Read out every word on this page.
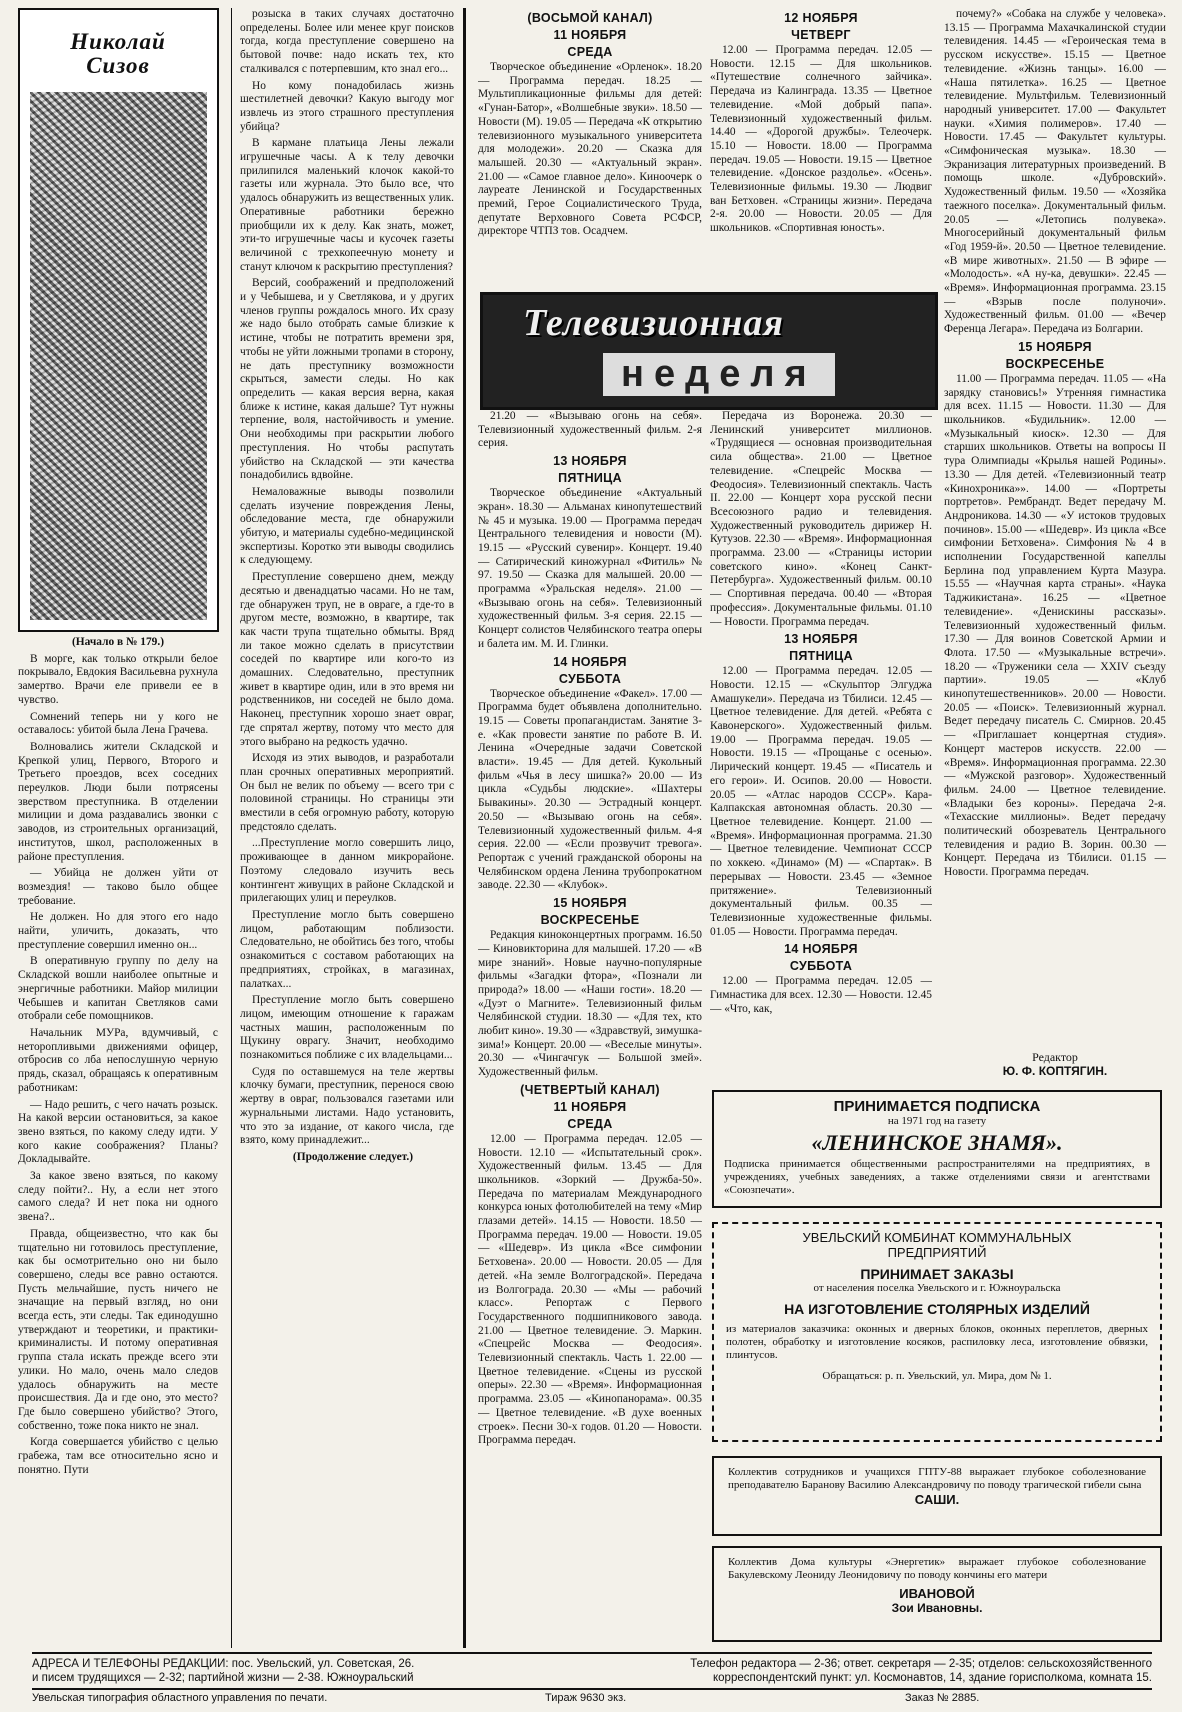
Николай Сизов

(Начало в № 179.)

В морге, как только открыли белое покрывало, Евдокия Васильевна рухнула замертво. Врачи еле привели ее в чувство.

Сомнений теперь ни у кого не оставалось: убитой была Лена Грачева.

Волновались жители Складской и Крепкой улиц, Первого, Второго и Третьего проездов, всех соседних переулков. Люди были потрясены зверством преступника. В отделении милиции и дома раздавались звонки с заводов, из строительных организаций, институтов, школ, расположенных в районе преступления.

— Убийца не должен уйти от возмездия! — таково было общее требование.

Не должен. Но для этого его надо найти, уличить, доказать, что преступление совершил именно он...

В оперативную группу по делу на Складской вошли наиболее опытные и энергичные работники. Майор милиции Чебышев и капитан Светляков сами отобрали себе помощников.

Начальник МУРа, вдумчивый, с неторопливыми движениями офицер, отбросив со лба непослушную черную прядь, сказал, обращаясь к оперативным работникам:

— Надо решить, с чего начать розыск. На какой версии остановиться, за какое звено взяться, по какому следу идти. У кого какие соображения? Планы? Докладывайте.

За какое звено взяться, по какому следу пойти?.. Ну, а если нет этого самого следа? И нет пока ни одного звена?..

Правда, общеизвестно, что как бы тщательно ни готовилось преступление, как бы осмотрительно оно ни было совершено, следы все равно остаются. Пусть мельчайшие, пусть ничего не значащие на первый взгляд, но они всегда есть, эти следы. Так единодушно утверждают и теоретики, и практики-криминалисты. И потому оперативная группа стала искать прежде всего эти улики. Но мало, очень мало следов удалось обнаружить на месте происшествия. Да и где оно, это место? Где было совершено убийство? Этого, собственно, тоже пока никто не знал.

Когда совершается убийство с целью грабежа, там все относительно ясно и понятно. Пути

розыска в таких случаях достаточно определены. Более или менее круг поисков тогда, когда преступление совершено на бытовой почве: надо искать тех, кто сталкивался с потерпевшим, кто знал его...

Но кому понадобилась жизнь шестилетней девочки? Какую выгоду мог извлечь из этого страшного преступления убийца?

В кармане платьица Лены лежали игрушечные часы. А к телу девочки прилипился маленький клочок какой-то газеты или журнала. Это было все, что удалось обнаружить из вещественных улик. Оперативные работники бережно приобщили их к делу. Как знать, может, эти-то игрушечные часы и кусочек газеты величиной с трехкопеечную монету и станут ключом к раскрытию преступления?

Версий, соображений и предположений и у Чебышева, и у Светлякова, и у других членов группы рождалось много. Их сразу же надо было отобрать самые близкие к истине, чтобы не потратить времени зря, чтобы не уйти ложными тропами в сторону, не дать преступнику возможности скрыться, замести следы. Но как определить — какая версия верна, какая ближе к истине, какая дальше? Тут нужны терпение, воля, настойчивость и умение. Они необходимы при раскрытии любого преступления. Но чтобы распутать убийство на Складской — эти качества понадобились вдвойне.

Немаловажные выводы позволили сделать изучение повреждения Лены, обследование места, где обнаружили убитую, и материалы судебно-медицинской экспертизы. Коротко эти выводы сводились к следующему.

Преступление совершено днем, между десятью и двенадцатью часами. Но не там, где обнаружен труп, не в овраге, а где-то в другом месте, возможно, в квартире, так как части трупа тщательно обмыты. Вряд ли такое можно сделать в присутствии соседей по квартире или кого-то из домашних. Следовательно, преступник живет в квартире один, или в это время ни родственников, ни соседей не было дома. Наконец, преступник хорошо знает овраг, где спрятал жертву, потому что место для этого выбрано на редкость удачно.

Исходя из этих выводов, и разработали план срочных оперативных мероприятий. Он был не велик по объему — всего три с половиной страницы. Но страницы эти вместили в себя огромную работу, которую предстояло сделать.

...Преступление могло совершить лицо, проживающее в данном микрорайоне. Поэтому следовало изучить весь контингент живущих в районе Складской и прилегающих улиц и переулков.

Преступление могло быть совершено лицом, работающим поблизости. Следовательно, не обойтись без того, чтобы ознакомиться с составом работающих на предприятиях, стройках, в магазинах, палатках...

Преступление могло быть совершено лицом, имеющим отношение к гаражам частных машин, расположенным по Щукину оврагу. Значит, необходимо познакомиться поближе с их владельцами...

Судя по оставшемуся на теле жертвы клочку бумаги, преступник, перенося свою жертву в овраг, пользовался газетами или журнальными листами. Надо установить, что это за издание, от какого числа, где взято, кому принадлежит...

(Продолжение следует.)

(ВОСЬМОЙ КАНАЛ)
11 НОЯБРЯ
СРЕДА

Творческое объединение «Орленок». 18.20 — Программа передач. 18.25 — Мультипликационные фильмы для детей: «Гунан-Батор», «Волшебные звуки». 18.50 — Новости (М). 19.05 — Передача «К открытию телевизионного музыкального университета для молодежи». 20.20 — Сказка для малышей. 20.30 — «Актуальный экран». 21.00 — «Самое главное дело». Киноочерк о лауреате Ленинской и Государственных премий, Герое Социалистического Труда, депутате Верховного Совета РСФСР, директоре ЧТПЗ тов. Осадчем.

12 НОЯБРЯ
ЧЕТВЕРГ

12.00 — Программа передач. 12.05 — Новости. 12.15 — Для школьников. «Путешествие солнечного зайчика». Передача из Калинграда. 13.35 — Цветное телевидение. «Мой добрый папа». Телевизионный художественный фильм. 14.40 — «Дорогой дружбы». Телеочерк. 15.10 — Новости. 18.00 — Программа передач. 19.05 — Новости. 19.15 — Цветное телевидение. «Донское раздолье». «Осень». Телевизионные фильмы. 19.30 — Людвиг ван Бетховен. «Страницы жизни». Передача 2-я. 20.00 — Новости. 20.05 — Для школьников. «Спортивная юность».

Телевизионная
неделя

21.20 — «Вызываю огонь на себя». Телевизионный художественный фильм. 2-я серия.

13 НОЯБРЯ
ПЯТНИЦА

Творческое объединение «Актуальный экран». 18.30 — Альманах кинопутешествий № 45 и музыка. 19.00 — Программа передач Центрального телевидения и новости (М). 19.15 — «Русский сувенир». Концерт. 19.40 — Сатирический киножурнал «Фитиль» № 97. 19.50 — Сказка для малышей. 20.00 — программа «Уральская неделя». 21.00 — «Вызываю огонь на себя». Телевизионный художественный фильм. 3-я серия. 22.15 — Концерт солистов Челябинского театра оперы и балета им. М. И. Глинки.

14 НОЯБРЯ
СУББОТА

Творческое объединение «Факел». 17.00 — Программа будет объявлена дополнительно. 19.15 — Советы пропагандистам. Занятие 3-е. «Как провести занятие по работе В. И. Ленина «Очередные задачи Советской власти». 19.45 — Для детей. Кукольный фильм «Чья в лесу шишка?» 20.00 — Из цикла «Судьбы людские». «Шахтеры Бывакины». 20.30 — Эстрадный концерт. 20.50 — «Вызываю огонь на себя». Телевизионный художественный фильм. 4-я серия. 22.00 — «Если прозвучит тревога». Репортаж с учений гражданской обороны на Челябинском ордена Ленина трубопрокатном заводе. 22.30 — «Клубок».

15 НОЯБРЯ
ВОСКРЕСЕНЬЕ

Редакция киноконцертных программ. 16.50 — Киновикторина для малышей. 17.20 — «В мире знаний». Новые научно-популярные фильмы «Загадки фтора», «Познали ли природа?» 18.00 — «Наши гости». 18.20 — «Дуэт о Магните». Телевизионный фильм Челябинской студии. 18.30 — «Для тех, кто любит кино». 19.30 — «Здравствуй, зимушка-зима!» Концерт. 20.00 — «Веселые минуты». 20.30 — «Чингачгук — Большой змей». Художественный фильм.

(ЧЕТВЕРТЫЙ КАНАЛ)
11 НОЯБРЯ
СРЕДА

12.00 — Программа передач. 12.05 — Новости. 12.10 — «Испытательный срок». Художественный фильм. 13.45 — Для школьников. «Зоркий — Дружба-50». Передача по материалам Международного конкурса юных фотолюбителей на тему «Мир глазами детей». 14.15 — Новости. 18.50 — Программа передач. 19.00 — Новости. 19.05 — «Шедевр». Из цикла «Все симфонии Бетховена». 20.00 — Новости. 20.05 — Для детей. «На земле Волгоградской». Передача из Волгограда. 20.30 — «Мы — рабочий класс». Репортаж с Первого Государственного подшипникового завода. 21.00 — Цветное телевидение. Э. Маркин. «Спецрейс Москва — Феодосия». Телевизионный спектакль. Часть 1. 22.00 — Цветное телевидение. «Сцены из русской оперы». 22.30 — «Время». Информационная программа. 23.05 — «Кинопанорама». 00.35 — Цветное телевидение. «В духе военных строек». Песни 30-х годов. 01.20 — Новости. Программа передач.

Передача из Воронежа. 20.30 — Ленинский университет миллионов. «Трудящиеся — основная производительная сила общества». 21.00 — Цветное телевидение. «Спецрейс Москва — Феодосия». Телевизионный спектакль. Часть II. 22.00 — Концерт хора русской песни Всесоюзного радио и телевидения. Художественный руководитель дирижер Н. Кутузов. 22.30 — «Время». Информационная программа. 23.00 — «Страницы истории советского кино». «Конец Санкт-Петербурга». Художественный фильм. 00.10 — Спортивная передача. 00.40 — «Вторая профессия». Документальные фильмы. 01.10 — Новости. Программа передач.

13 НОЯБРЯ
ПЯТНИЦА

12.00 — Программа передач. 12.05 — Новости. 12.15 — «Скульптор Элгуджа Амашукели». Передача из Тбилиси. 12.45 — Цветное телевидение. Для детей. «Ребята с Кавонерского». Художественный фильм. 19.00 — Программа передач. 19.05 — Новости. 19.15 — «Прощанье с осенью». Лирический концерт. 19.45 — «Писатель и его герои». И. Осипов. 20.00 — Новости. 20.05 — «Атлас народов СССР». Кара-Калпакская автономная область. 20.30 — Цветное телевидение. Концерт. 21.00 — «Время». Информационная программа. 21.30 — Цветное телевидение. Чемпионат СССР по хоккею. «Динамо» (М) — «Спартак». В перерывах — Новости. 23.45 — «Земное притяжение». Телевизионный документальный фильм. 00.35 — Телевизионные художественные фильмы. 01.05 — Новости. Программа передач.

14 НОЯБРЯ
СУББОТА

12.00 — Программа передач. 12.05 — Гимнастика для всех. 12.30 — Новости. 12.45 — «Что, как,

почему?» «Собака на службе у человека». 13.15 — Программа Махачкалинской студии телевидения. 14.45 — «Героическая тема в русском искусстве». 15.15 — Цветное телевидение. «Жизнь танцы». 16.00 — «Наша пятилетка». 16.25 — Цветное телевидение. Мультфильм. Телевизионный народный университет. 17.00 — Факультет науки. «Химия полимеров». 17.40 — Новости. 17.45 — Факультет культуры. «Симфоническая музыка». 18.30 — Экранизация литературных произведений. В помощь школе. «Дубровский». Художественный фильм. 19.50 — «Хозяйка таежного поселка». Документальный фильм. 20.05 — «Летопись полувека». Многосерийный документальный фильм «Год 1959-й». 20.50 — Цветное телевидение. «В мире животных». 21.50 — В эфире — «Молодость». «А ну-ка, девушки». 22.45 — «Время». Информационная программа. 23.15 — «Взрыв после полуночи». Художественный фильм. 01.00 — «Вечер Ференца Легара». Передача из Болгарии.

15 НОЯБРЯ
ВОСКРЕСЕНЬЕ

11.00 — Программа передач. 11.05 — «На зарядку становись!» Утренняя гимнастика для всех. 11.15 — Новости. 11.30 — Для школьников. «Будильник». 12.00 — «Музыкальный киоск». 12.30 — Для старших школьников. Ответы на вопросы II тура Олимпиады «Крылья нашей Родины». 13.30 — Для детей. «Телевизионный театр «Кинохроника»». 14.00 — «Портреты портретов». Рембрандт. Ведет передачу М. Андроникова. 14.30 — «У истоков трудовых починов». 15.00 — «Шедевр». Из цикла «Все симфонии Бетховена». Симфония № 4 в исполнении Государственной капеллы Берлина под управлением Курта Мазура. 15.55 — «Научная карта страны». «Наука Таджикистана». 16.25 — «Цветное телевидение». «Денискины рассказы». Телевизионный художественный фильм. 17.30 — Для воинов Советской Армии и Флота. 17.50 — «Музыкальные встречи». 18.20 — «Труженики села — XXIV съезду партии». 19.05 — «Клуб кинопутешественников». 20.00 — Новости. 20.05 — «Поиск». Телевизионный журнал. Ведет передачу писатель С. Смирнов. 20.45 — «Приглашает концертная студия». Концерт мастеров искусств. 22.00 — «Время». Информационная программа. 22.30 — «Мужской разговор». Художественный фильм. 24.00 — Цветное телевидение. «Владыки без короны». Передача 2-я. «Техасские миллионы». Ведет передачу политический обозреватель Центрального телевидения и радио В. Зорин. 00.30 — Концерт. Передача из Тбилиси. 01.15 — Новости. Программа передач.

Редактор
Ю. Ф. КОПТЯГИН.
ПРИНИМАЕТСЯ ПОДПИСКА
на 1971 год на газету
«ЛЕНИНСКОЕ ЗНАМЯ».
Подписка принимается общественными распространителями на предприятиях, в учреждениях, учебных заведениях, а также отделениями связи и агентствами «Союзпечати».
УВЕЛЬСКИЙ КОМБИНАТ КОММУНАЛЬНЫХ
ПРЕДПРИЯТИЙ
ПРИНИМАЕТ ЗАКАЗЫ
от населения поселка Увельского и г. Южноуральска
НА ИЗГОТОВЛЕНИЕ СТОЛЯРНЫХ ИЗДЕЛИЙ
из материалов заказчика: оконных и дверных блоков, оконных переплетов, дверных полотен, обработку и изготовление косяков, распиловку леса, изготовление обвязки, плинтусов.
Обращаться: р. п. Увельский, ул. Мира, дом № 1.
Коллектив сотрудников и учащихся ГПТУ-88 выражает глубокое соболезнование преподавателю Баранову Василию Александровичу по поводу трагической гибели сына
САШИ.
Коллектив Дома культуры «Энергетик» выражает глубокое соболезнование Бакулевскому Леониду Леонидовичу по поводу кончины его матери
ИВАНОВОЙ
Зои Ивановны.
АДРЕСА И ТЕЛЕФОНЫ РЕДАКЦИИ: пос. Увельский, ул. Советская, 26.	Телефон редактора — 2-36; ответ. секретаря — 2-35; отделов: сельскохозяйственного
и писем трудящихся — 2-32; партийной жизни — 2-38. Южноуральский	корреспондентский пункт: ул. Космонавтов, 14, здание горисполкома, комната 15.
Увельская типография областного управления по печати.	Тираж 9630 экз.	Заказ № 2885.
